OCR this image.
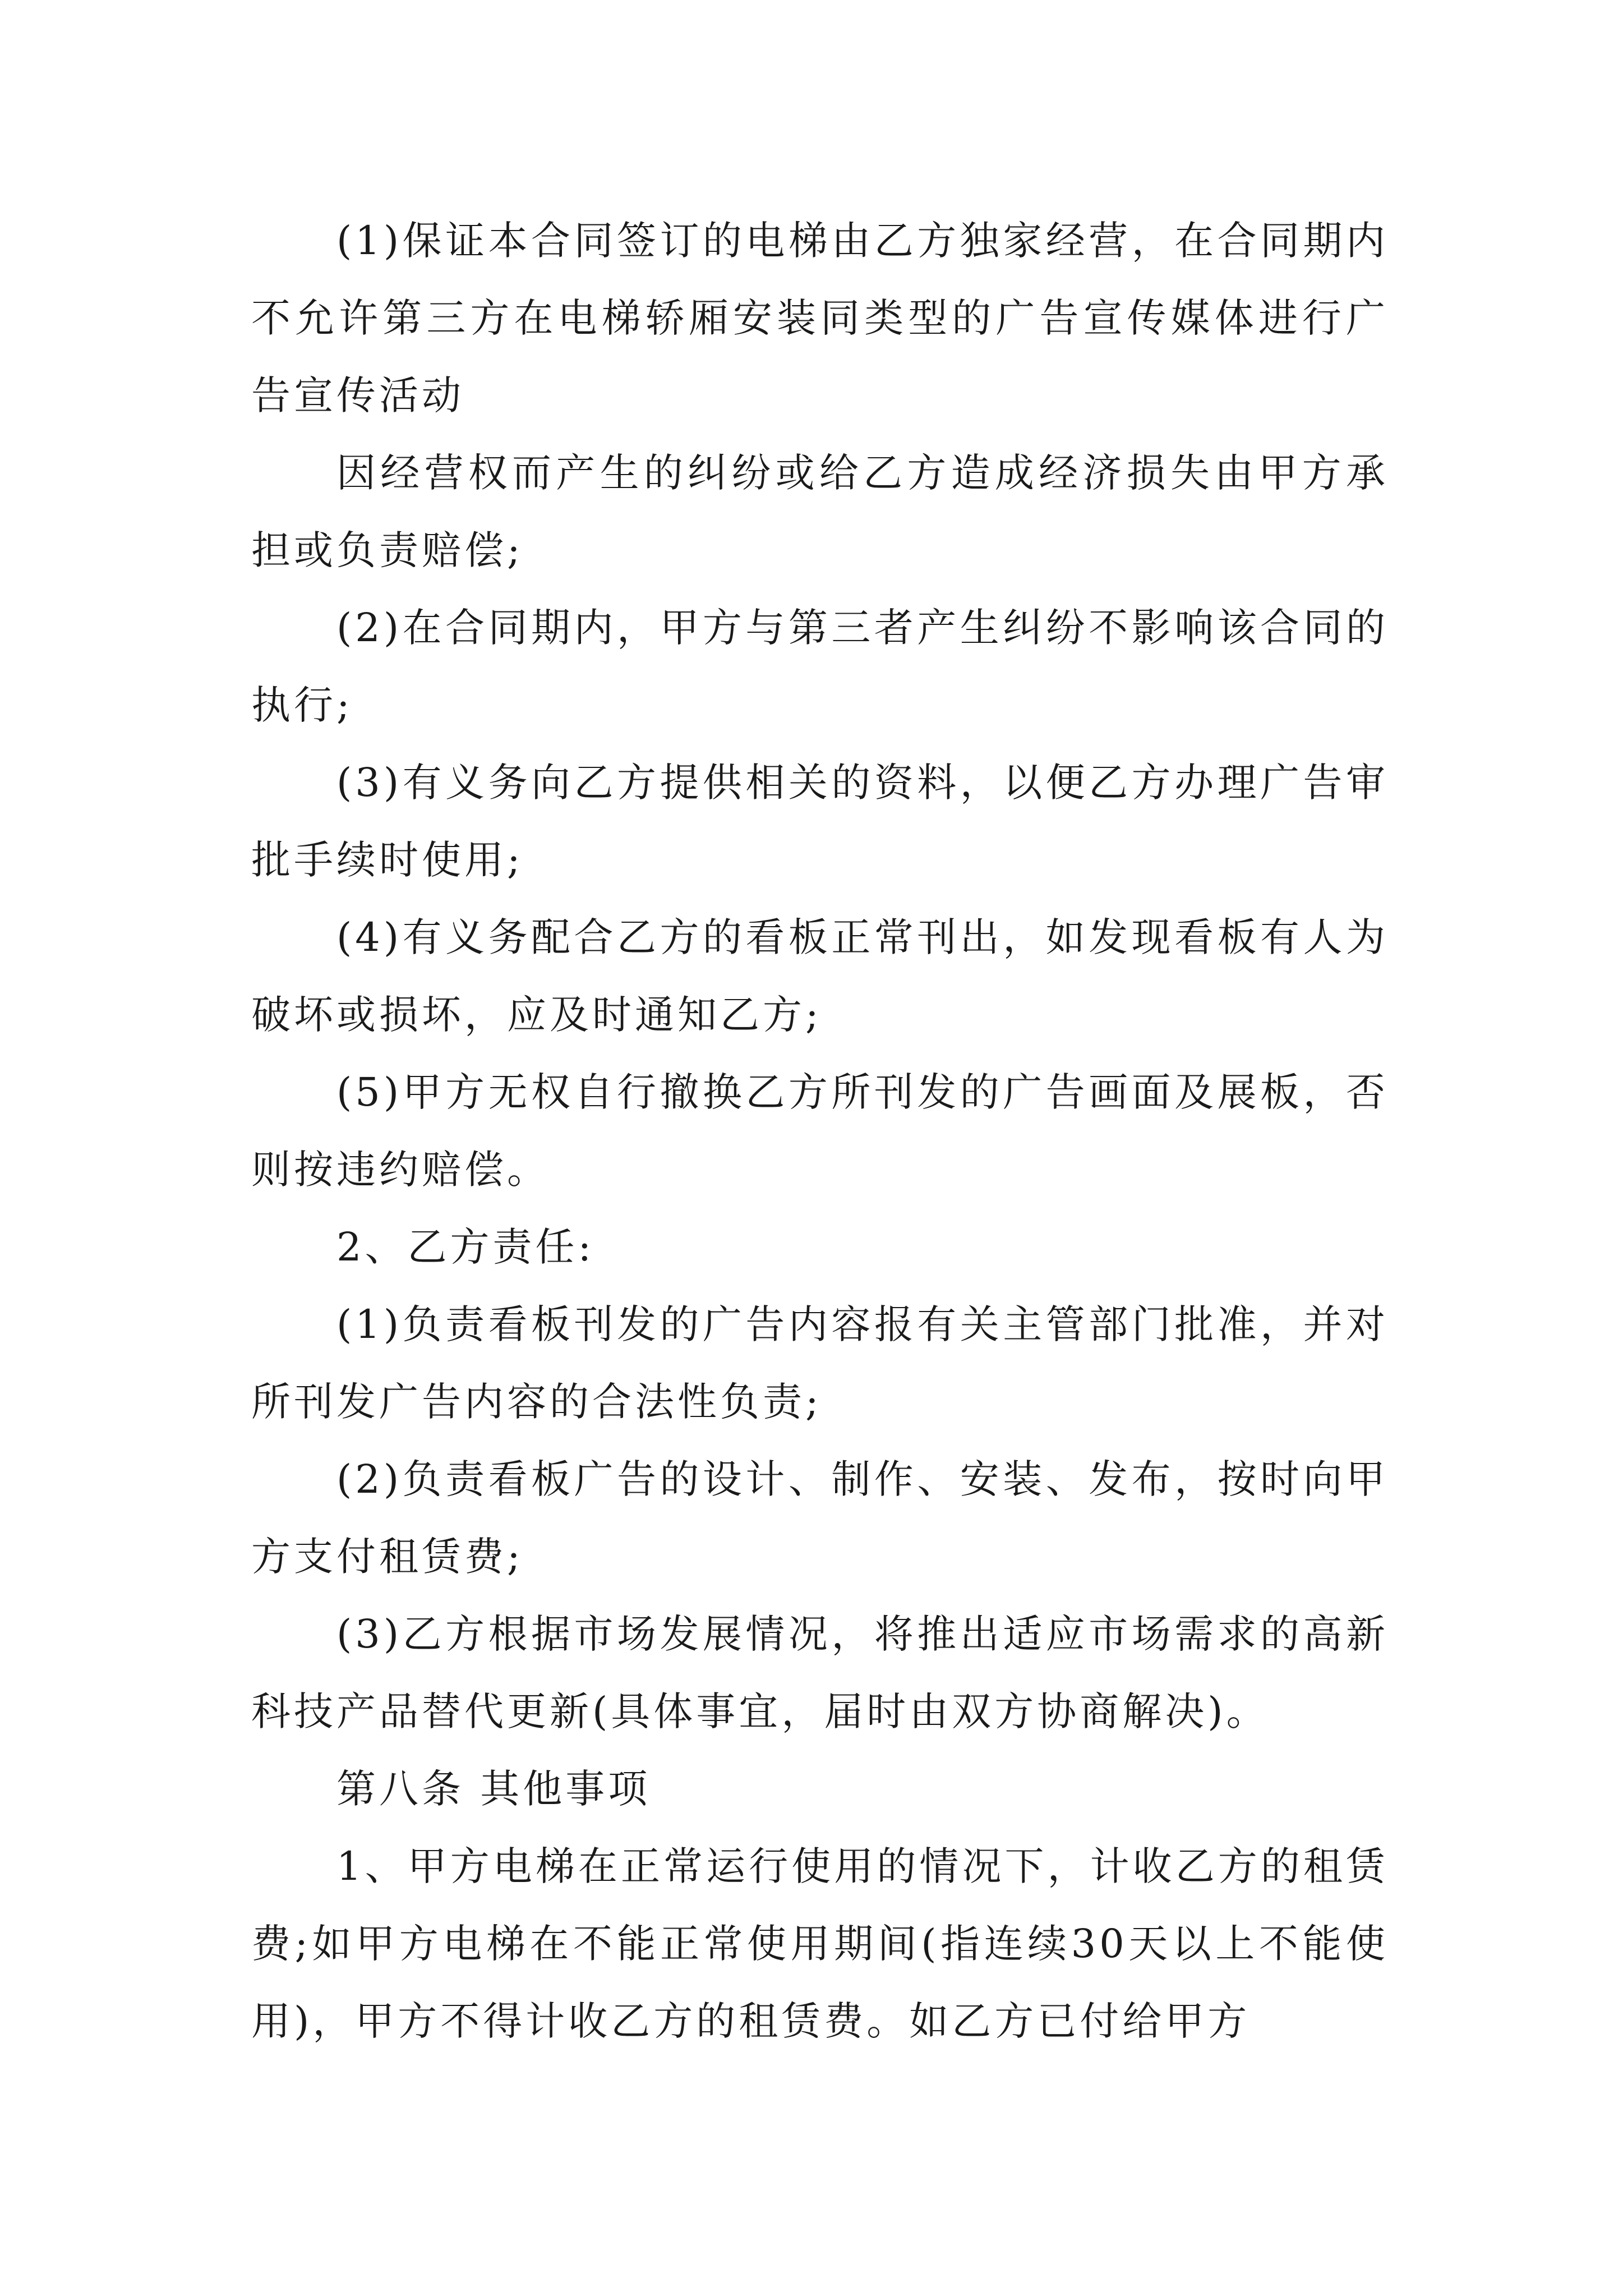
(1)保证本合同签订的电梯由乙方独家经营，在合同期内不允许第三方在电梯轿厢安装同类型的广告宣传媒体进行广告宣传活动

因经营权而产生的纠纷或给乙方造成经济损失由甲方承担或负责赔偿;

(2)在合同期内，甲方与第三者产生纠纷不影响该合同的执行;

(3)有义务向乙方提供相关的资料，以便乙方办理广告审批手续时使用;

(4)有义务配合乙方的看板正常刊出，如发现看板有人为破坏或损坏，应及时通知乙方;

(5)甲方无权自行撤换乙方所刊发的广告画面及展板，否则按违约赔偿。

2、乙方责任:

(1)负责看板刊发的广告内容报有关主管部门批准，并对所刊发广告内容的合法性负责;

(2)负责看板广告的设计、制作、安装、发布，按时向甲方支付租赁费;

(3)乙方根据市场发展情况，将推出适应市场需求的高新科技产品替代更新(具体事宜，届时由双方协商解决)。

第八条 其他事项

1、甲方电梯在正常运行使用的情况下，计收乙方的租赁费;如甲方电梯在不能正常使用期间(指连续30天以上不能使用)，甲方不得计收乙方的租赁费。如乙方已付给甲方
